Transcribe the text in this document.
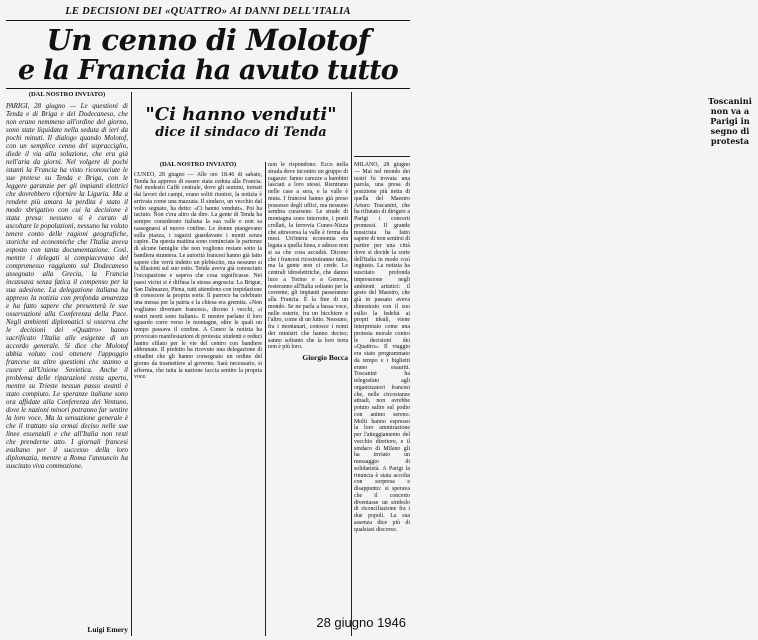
LE DECISIONI DEI «QUATTRO» AI DANNI DELL'ITALIA
Un cenno di Molotof
e la Francia ha avuto tutto
(DAL NOSTRO INVIATO)
PARIGI, 28 giugno — Le questioni di Tenda e di Briga e del Dodecaneso, che non erano nemmeno all'ordine del giorno, sono state liquidate nella seduta di ieri da pochi minuti. Il dialogo quando Molotof, con un semplice cenno del sopracciglio, diede il via alla soluzione, che era già nell'aria da giorni. Nel volgere di pochi istanti la Francia ha visto riconosciute le sue pretese su Tenda e Briga, con le leggere garanzie per gli impianti elettrici che dovrebbero rifornire la Liguria. Ma a rendere più amara la perdita è stato il modo sbrigativo con cui la decisione è stata presa: nessuno si è curato di ascoltare le popolazioni, nessuno ha voluto tenere conto delle ragioni geografiche, storiche ed economiche che l'Italia aveva esposto con tanta documentazione. Così, mentre i delegati si compiacevano del compromesso raggiunto sul Dodecaneso assegnato alla Grecia, la Francia incassava senza fatica il compenso per la sua adesione. La delegazione italiana ha appreso la notizia con profonda amarezza e ha fatto sapere che presenterà le sue osservazioni alla Conferenza della Pace. Negli ambienti diplomatici si osserva che le decisioni dei «Quattro» hanno sacrificato l'Italia alle esigenze di un accordo generale. Si dice che Molotof abbia voluto così ottenere l'appoggio francese su altre questioni che stanno a cuore all'Unione Sovietica. Anche il problema delle riparazioni resta aperto, mentre su Trieste nessun passo avanti è stato compiuto. Le speranze italiane sono ora affidate alla Conferenza dei Ventuno, dove le nazioni minori potranno far sentire la loro voce. Ma la sensazione generale è che il trattato sia ormai deciso nelle sue linee essenziali e che all'Italia non resti che prenderne atto. I giornali francesi esultano per il successo della loro diplomazia, mentre a Roma l'annuncio ha suscitato viva commozione.
"Ci hanno venduti"
dice il sindaco di Tenda
Toscanini non va a Parigi in segno di protesta
(DAL NOSTRO INVIATO)
CUNEO, 28 giugno — Alle ore 18.46 di sabato, Tenda ha appreso di essere stata ceduta alla Francia. Nel modesto Caffè centrale, dove gli uomini, tornati dai lavori dei campi, erano soliti riunirsi, la notizia è arrivata come una mazzata. Il sindaco, un vecchio dal volto segnato, ha detto: «Ci hanno venduti». Poi ha taciuto. Non c'era altro da dire. La gente di Tenda ha sempre considerato italiana la sua valle e non sa rassegnarsi al nuovo confine. Le donne piangevano sulla piazza, i ragazzi guardavano i monti senza capire. Da questa mattina sono cominciate le partenze di alcune famiglie che non vogliono restare sotto la bandiera straniera. Le autorità francesi hanno già fatto sapere che verrà indetto un plebiscito, ma nessuno si fa illusioni sul suo esito. Tenda aveva già conosciuto l'occupazione e sapeva che cosa significasse. Nei paesi vicini si è diffusa la stessa angoscia: La Brigue, San Dalmazzo, Piena, tutti attendono con trepidazione di conoscere la propria sorte. Il parroco ha celebrato una messa per la patria e la chiesa era gremita. «Non vogliamo diventare francesi», dicono i vecchi, «i nostri morti sono italiani». E mentre parlano il loro sguardo corre verso le montagne, oltre le quali un tempo passava il confine. A Cuneo la notizia ha provocato manifestazioni di protesta: studenti e reduci hanno sfilato per le vie del centro con bandiere abbrunate. Il prefetto ha ricevuto una delegazione di cittadini che gli hanno consegnato un ordine del giorno da trasmettere al governo. Sarà necessario, si afferma, che tutta la nazione faccia sentire la propria voce.
non le rispondono. Ecco nella strada dove incontro un gruppo di ragazze: fanno carezze a bambini lasciati a loro stessi. Rientrano nelle case a sera, e la valle è muta. I francesi hanno già preso possesso degli uffici, ma nessuno sembra curarsene. Le strade di montagna sono interrotte, i ponti crollati, la ferrovia Cuneo-Nizza che attraversa la valle è ferma da mesi. Un'intera economia era legata a quella linea, e adesso non si sa che cosa accadrà. Dicono che i francesi ricostruiranno tutto, ma la gente non ci crede. Le centrali idroelettriche, che danno luce a Torino e a Genova, resteranno all'Italia soltanto per la corrente; gli impianti passeranno alla Francia. È la fine di un mondo. Se ne parla a bassa voce, nelle osterie, fra un bicchiere e l'altro, come di un lutto. Nessuno, fra i montanari, conosce i nomi dei ministri che hanno deciso; sanno soltanto che la loro terra non è più loro.
Giorgio Bocca
MILANO, 28 giugno — Mai nel mondo dei teatri fu trovata una parola, una presa di posizione più netta di quella del Maestro Arturo Toscanini, che ha rifiutato di dirigere a Parigi i concerti promessi. Il grande musicista ha fatto sapere di non sentirsi di partire per una città dove si decide la sorte dell'Italia in modo così ingiusto. La notizia ha suscitato profonda impressione negli ambienti artistici: il gesto del Maestro, che già in passato aveva dimostrato con il suo esilio la fedeltà ai propri ideali, viene interpretato come una protesta morale contro le decisioni dei «Quattro». Il viaggio era stato programmato da tempo e i biglietti erano esauriti. Toscanini ha telegrafato agli organizzatori francesi che, nelle circostanze attuali, non avrebbe potuto salire sul podio con animo sereno. Molti hanno espresso la loro ammirazione per l'atteggiamento del vecchio direttore, e il sindaco di Milano gli ha inviato un messaggio di solidarietà. A Parigi la rinuncia è stata accolta con sorpresa e disappunto: si sperava che il concerto diventasse un simbolo di riconciliazione fra i due popoli. La sua assenza dice più di qualsiasi discorso.
Luigi Emery	28 giugno 1946
